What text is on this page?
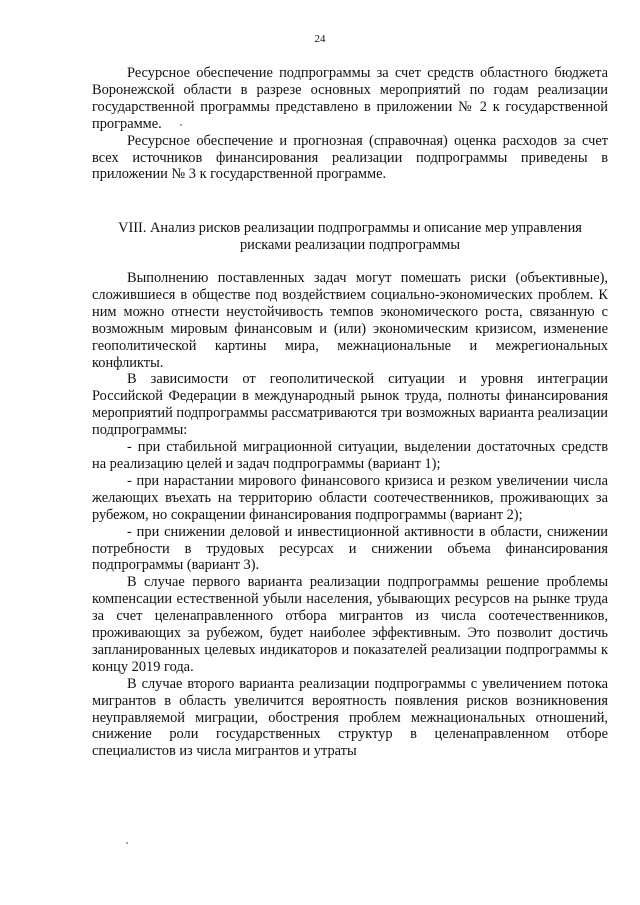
24

Ресурсное обеспечение подпрограммы за счет средств областного бюджета Воронежской области в разрезе основных мероприятий по годам реализации государственной программы представлено в приложении № 2 к государственной программе.

Ресурсное обеспечение и прогнозная (справочная) оценка расходов за счет всех источников финансирования реализации подпрограммы приведены в приложении № 3 к государственной программе.

VIII. Анализ рисков реализации подпрограммы и описание мер управления рисками реализации подпрограммы

Выполнению поставленных задач могут помешать риски (объективные), сложившиеся в обществе под воздействием социально-экономических проблем. К ним можно отнести неустойчивость темпов экономического роста, связанную с возможным мировым финансовым и (или) экономическим кризисом, изменение геополитической картины мира, межнациональные и межрегиональных конфликты.

В зависимости от геополитической ситуации и уровня интеграции Российской Федерации в международный рынок труда, полноты финансирования мероприятий подпрограммы рассматриваются три возможных варианта реализации подпрограммы:

- при стабильной миграционной ситуации, выделении достаточных средств на реализацию целей и задач подпрограммы (вариант 1);

- при нарастании мирового финансового кризиса и резком увеличении числа желающих въехать на территорию области соотечественников, проживающих за рубежом, но сокращении финансирования подпрограммы (вариант 2);

- при снижении деловой и инвестиционной активности в области, снижении потребности в трудовых ресурсах и снижении объема финансирования подпрограммы (вариант 3).

В случае первого варианта реализации подпрограммы решение проблемы компенсации естественной убыли населения, убывающих ресурсов на рынке труда за счет целенаправленного отбора мигрантов из числа соотечественников, проживающих за рубежом, будет наиболее эффективным. Это позволит достичь запланированных целевых индикаторов и показателей реализации подпрограммы к концу 2019 года.

В случае второго варианта реализации подпрограммы с увеличением потока мигрантов в область увеличится вероятность появления рисков возникновения неуправляемой миграции, обострения проблем межнациональных отношений, снижение роли государственных структур в целенаправленном отборе специалистов из числа мигрантов и утраты
